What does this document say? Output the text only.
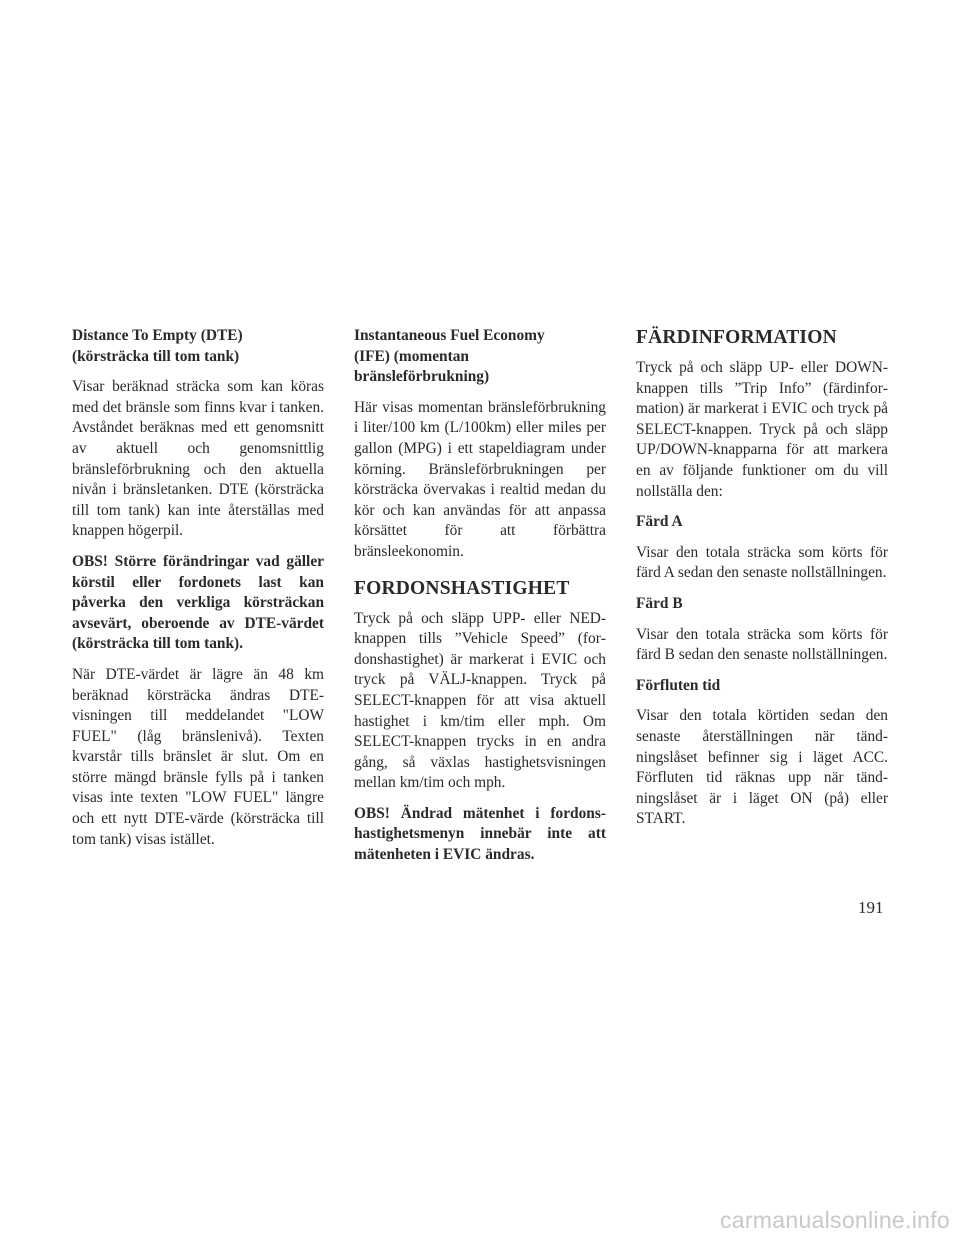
Distance To Empty (DTE)
(körsträcka till tom tank)

Visar beräknad sträcka som kan köras med det bränsle som finns kvar i tanken. Avståndet beräknas med ett genomsnitt av aktuell och genomsnittlig bränsleförbrukning och den aktuella nivån i bränsletanken. DTE (körsträcka till tom tank) kan inte återställas med knappen högerpil.

OBS! Större förändringar vad gäller körstil eller fordonets last kan påverka den verkliga körsträckan avsevärt, oberoende av DTE-värdet (körsträcka till tom tank).

När DTE-värdet är lägre än 48 km beräknad körsträcka ändras DTE-visningen till meddelandet "LOW FUEL" (låg bränslenivå). Texten kvarstår tills bränslet är slut. Om en större mängd bränsle fylls på i tanken visas inte texten "LOW FUEL" längre och ett nytt DTE-värde (körsträcka till tom tank) visas istället.

Instantaneous Fuel Economy
(IFE) (momentan
bränsleförbrukning)

Här visas momentan bränsleförbrukning i liter/100 km (L/100km) eller miles per gallon (MPG) i ett stapeldiagram under körning. Bränsleförbrukningen per körsträcka övervakas i realtid medan du kör och kan användas för att anpassa körsättet för att förbättra bränsleekonomin.

FORDONSHASTIGHET

Tryck på och släpp UPP- eller NED-knappen tills ”Vehicle Speed” (fordonshastighet) är markerat i EVIC och tryck på VÄLJ-knappen. Tryck på SELECT-knappen för att visa aktuell hastighet i km/tim eller mph. Om SELECT-knappen trycks in en andra gång, så växlas hastighetsvisningen mellan km/tim och mph.

OBS! Ändrad mätenhet i fordonshastighetsmenyn innebär inte att mätenheten i EVIC ändras.

FÄRDINFORMATION

Tryck på och släpp UP- eller DOWN-knappen tills ”Trip Info” (färdinformation) är markerat i EVIC och tryck på SELECT-knappen. Tryck på och släpp UP/DOWN-knapparna för att markera en av följande funktioner om du vill nollställa den:

Färd A

Visar den totala sträcka som körts för färd A sedan den senaste nollställningen.

Färd B

Visar den totala sträcka som körts för färd B sedan den senaste nollställningen.

Förfluten tid

Visar den totala körtiden sedan den senaste återställningen när tändningslåset befinner sig i läget ACC. Förfluten tid räknas upp när tändningslåset är i läget ON (på) eller START.

191
carmanualsonline.info
